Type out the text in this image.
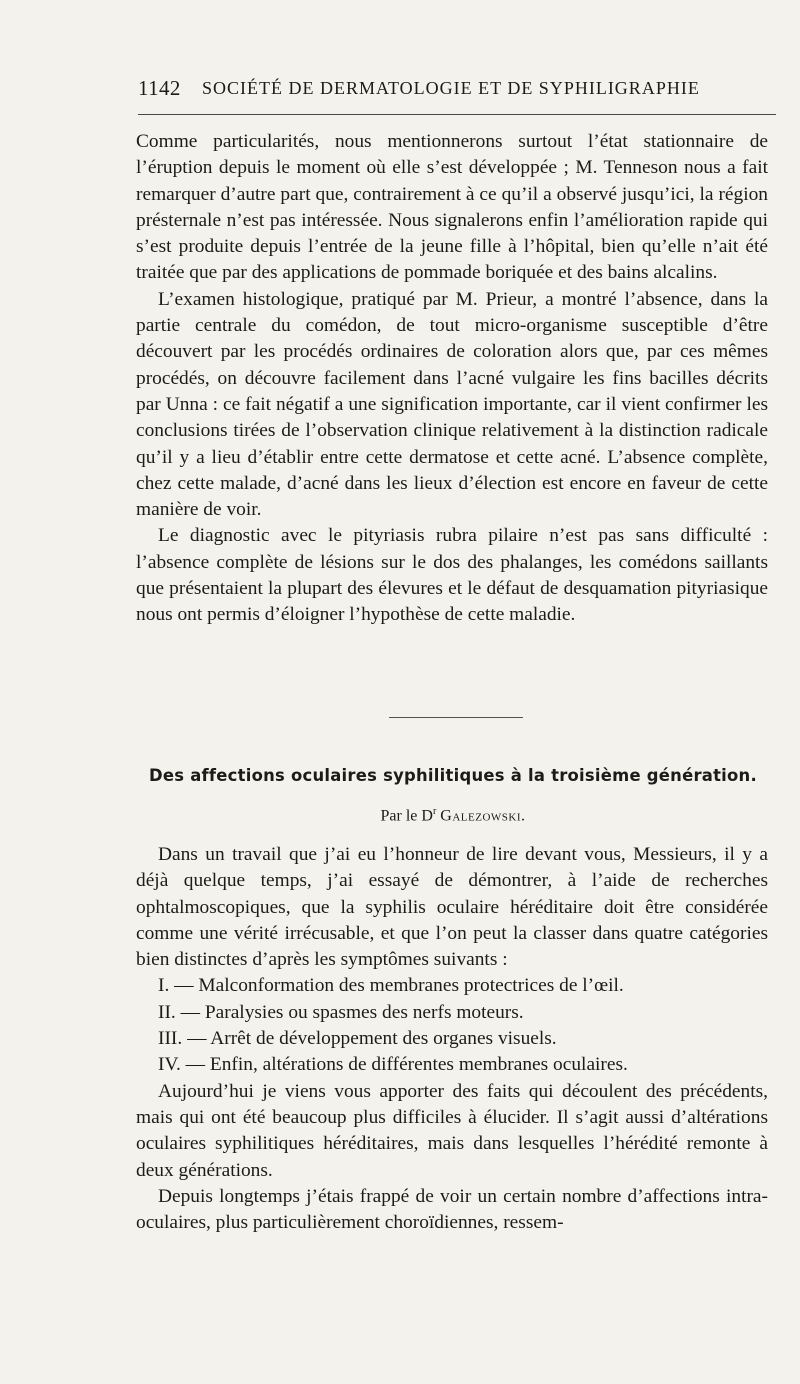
1142 SOCIÉTÉ DE DERMATOLOGIE ET DE SYPHILIGRAPHIE

Comme particularités, nous mentionnerons surtout l’état stationnaire de l’éruption depuis le moment où elle s’est développée ; M. Tenneson nous a fait remarquer d’autre part que, contrairement à ce qu’il a observé jusqu’ici, la région présternale n’est pas intéressée. Nous signalerons enfin l’amélioration rapide qui s’est produite depuis l’entrée de la jeune fille à l’hôpital, bien qu’elle n’ait été traitée que par des applications de pommade boriquée et des bains alcalins.

L’examen histologique, pratiqué par M. Prieur, a montré l’absence, dans la partie centrale du comédon, de tout micro-organisme susceptible d’être découvert par les procédés ordinaires de coloration alors que, par ces mêmes procédés, on découvre facilement dans l’acné vulgaire les fins bacilles décrits par Unna : ce fait négatif a une signification importante, car il vient confirmer les conclusions tirées de l’observation clinique relativement à la distinction radicale qu’il y a lieu d’établir entre cette dermatose et cette acné. L’absence complète, chez cette malade, d’acné dans les lieux d’élection est encore en faveur de cette manière de voir.

Le diagnostic avec le pityriasis rubra pilaire n’est pas sans difficulté : l’absence complète de lésions sur le dos des phalanges, les comédons saillants que présentaient la plupart des élevures et le défaut de desquamation pityriasique nous ont permis d’éloigner l’hypothèse de cette maladie.

Des affections oculaires syphilitiques à la troisième génération.
Par le $D^r$ Galezowski.

Dans un travail que j’ai eu l’honneur de lire devant vous, Messieurs, il y a déjà quelque temps, j’ai essayé de démontrer, à l’aide de recherches ophtalmoscopiques, que la syphilis oculaire héréditaire doit être considérée comme une vérité irrécusable, et que l’on peut la classer dans quatre catégories bien distinctes d’après les symptômes suivants :

I. — Malconformation des membranes protectrices de l’œil.

II. — Paralysies ou spasmes des nerfs moteurs.

III. — Arrêt de développement des organes visuels.

IV. — Enfin, altérations de différentes membranes oculaires.

Aujourd’hui je viens vous apporter des faits qui découlent des précédents, mais qui ont été beaucoup plus difficiles à élucider. Il s’agit aussi d’altérations oculaires syphilitiques héréditaires, mais dans lesquelles l’hérédité remonte à deux générations.

Depuis longtemps j’étais frappé de voir un certain nombre d’affections intra-oculaires, plus particulièrement choroïdiennes, ressem-
